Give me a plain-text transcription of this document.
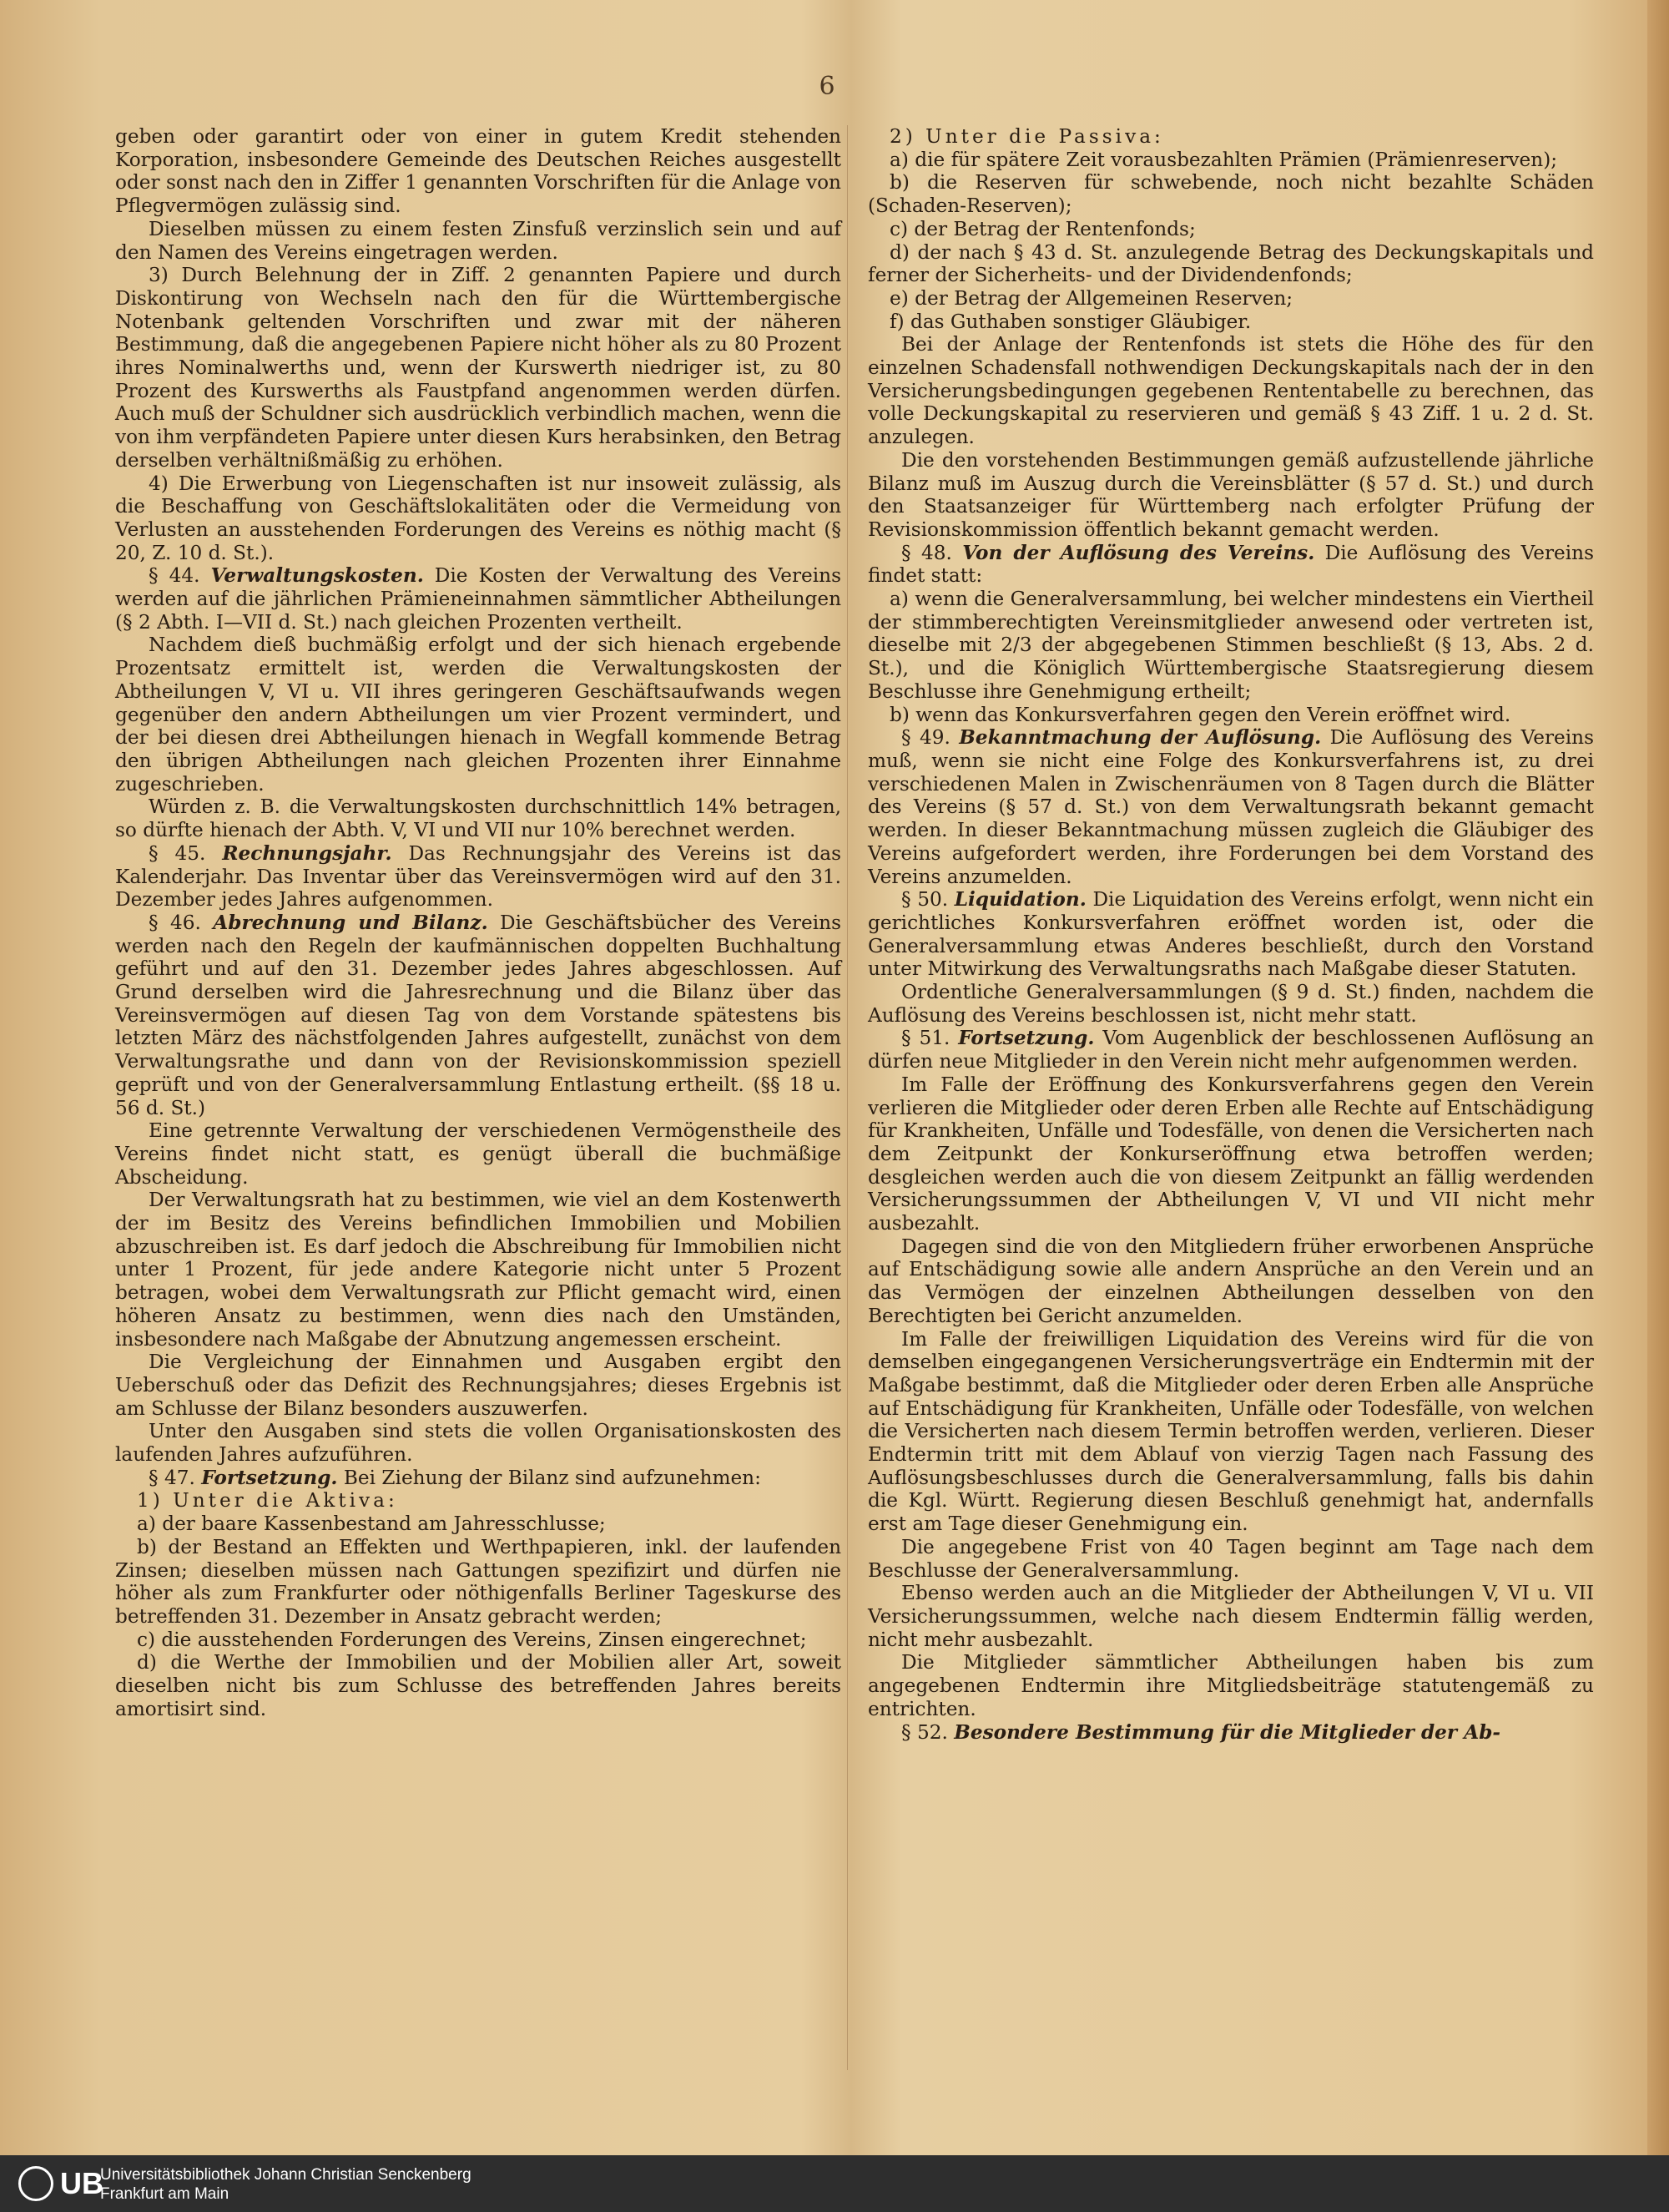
6

geben oder garantirt oder von einer in gutem Kredit stehenden Korporation, insbesondere Gemeinde des Deutschen Reiches ausgestellt oder sonst nach den in Ziffer 1 genannten Vorschriften für die Anlage von Pflegvermögen zulässig sind.

Dieselben müssen zu einem festen Zinsfuß verzinslich sein und auf den Namen des Vereins eingetragen werden.

3) Durch Belehnung der in Ziff. 2 genannten Papiere und durch Diskontirung von Wechseln nach den für die Württembergische Notenbank geltenden Vorschriften und zwar mit der näheren Bestimmung, daß die angegebenen Papiere nicht höher als zu 80 Prozent ihres Nominalwerths und, wenn der Kurswerth niedriger ist, zu 80 Prozent des Kurswerths als Faustpfand angenommen werden dürfen. Auch muß der Schuldner sich ausdrücklich verbindlich machen, wenn die von ihm verpfändeten Papiere unter diesen Kurs herabsinken, den Betrag derselben verhältnißmäßig zu erhöhen.

4) Die Erwerbung von Liegenschaften ist nur insoweit zulässig, als die Beschaffung von Geschäftslokalitäten oder die Vermeidung von Verlusten an ausstehenden Forderungen des Vereins es nöthig macht (§ 20, Z. 10 d. St.).

§ 44. Verwaltungskosten. Die Kosten der Verwaltung des Vereins werden auf die jährlichen Prämieneinnahmen sämmtlicher Abtheilungen (§ 2 Abth. I—VII d. St.) nach gleichen Prozenten vertheilt.

Nachdem dieß buchmäßig erfolgt und der sich hienach ergebende Prozentsatz ermittelt ist, werden die Verwaltungskosten der Abtheilungen V, VI u. VII ihres geringeren Geschäftsaufwands wegen gegenüber den andern Abtheilungen um vier Prozent vermindert, und der bei diesen drei Abtheilungen hienach in Wegfall kommende Betrag den übrigen Abtheilungen nach gleichen Prozenten ihrer Einnahme zugeschrieben.

Würden z. B. die Verwaltungskosten durchschnittlich 14% betragen, so dürfte hienach der Abth. V, VI und VII nur 10% berechnet werden.

§ 45. Rechnungsjahr. Das Rechnungsjahr des Vereins ist das Kalenderjahr. Das Inventar über das Vereinsvermögen wird auf den 31. Dezember jedes Jahres aufgenommen.

§ 46. Abrechnung und Bilanz. Die Geschäftsbücher des Vereins werden nach den Regeln der kaufmännischen doppelten Buchhaltung geführt und auf den 31. Dezember jedes Jahres abgeschlossen. Auf Grund derselben wird die Jahresrechnung und die Bilanz über das Vereinsvermögen auf diesen Tag von dem Vorstande spätestens bis letzten März des nächstfolgenden Jahres aufgestellt, zunächst von dem Verwaltungsrathe und dann von der Revisionskommission speziell geprüft und von der Generalversammlung Entlastung ertheilt. (§§ 18 u. 56 d. St.)

Eine getrennte Verwaltung der verschiedenen Vermögenstheile des Vereins findet nicht statt, es genügt überall die buchmäßige Abscheidung.

Der Verwaltungsrath hat zu bestimmen, wie viel an dem Kostenwerth der im Besitz des Vereins befindlichen Immobilien und Mobilien abzuschreiben ist. Es darf jedoch die Abschreibung für Immobilien nicht unter 1 Prozent, für jede andere Kategorie nicht unter 5 Prozent betragen, wobei dem Verwaltungsrath zur Pflicht gemacht wird, einen höheren Ansatz zu bestimmen, wenn dies nach den Umständen, insbesondere nach Maßgabe der Abnutzung angemessen erscheint.

Die Vergleichung der Einnahmen und Ausgaben ergibt den Ueberschuß oder das Defizit des Rechnungsjahres; dieses Ergebnis ist am Schlusse der Bilanz besonders auszuwerfen.

Unter den Ausgaben sind stets die vollen Organisationskosten des laufenden Jahres aufzuführen.

§ 47. Fortsetzung. Bei Ziehung der Bilanz sind aufzunehmen:

1) Unter die Aktiva:

a) der baare Kassenbestand am Jahresschlusse;

b) der Bestand an Effekten und Werthpapieren, inkl. der laufenden Zinsen; dieselben müssen nach Gattungen spezifizirt und dürfen nie höher als zum Frankfurter oder nöthigenfalls Berliner Tageskurse des betreffenden 31. Dezember in Ansatz gebracht werden;

c) die ausstehenden Forderungen des Vereins, Zinsen eingerechnet;

d) die Werthe der Immobilien und der Mobilien aller Art, soweit dieselben nicht bis zum Schlusse des betreffenden Jahres bereits amortisirt sind.

2) Unter die Passiva:

a) die für spätere Zeit vorausbezahlten Prämien (Prämienreserven);

b) die Reserven für schwebende, noch nicht bezahlte Schäden (Schaden-Reserven);

c) der Betrag der Rentenfonds;

d) der nach § 43 d. St. anzulegende Betrag des Deckungskapitals und ferner der Sicherheits- und der Dividendenfonds;

e) der Betrag der Allgemeinen Reserven;

f) das Guthaben sonstiger Gläubiger.

Bei der Anlage der Rentenfonds ist stets die Höhe des für den einzelnen Schadensfall nothwendigen Deckungskapitals nach der in den Versicherungsbedingungen gegebenen Rententabelle zu berechnen, das volle Deckungskapital zu reservieren und gemäß § 43 Ziff. 1 u. 2 d. St. anzulegen.

Die den vorstehenden Bestimmungen gemäß aufzustellende jährliche Bilanz muß im Auszug durch die Vereinsblätter (§ 57 d. St.) und durch den Staatsanzeiger für Württemberg nach erfolgter Prüfung der Revisionskommission öffentlich bekannt gemacht werden.

§ 48. Von der Auflösung des Vereins. Die Auflösung des Vereins findet statt:

a) wenn die Generalversammlung, bei welcher mindestens ein Viertheil der stimmberechtigten Vereinsmitglieder anwesend oder vertreten ist, dieselbe mit 2/3 der abgegebenen Stimmen beschließt (§ 13, Abs. 2 d. St.), und die Königlich Württembergische Staatsregierung diesem Beschlusse ihre Genehmigung ertheilt;

b) wenn das Konkursverfahren gegen den Verein eröffnet wird.

§ 49. Bekanntmachung der Auflösung. Die Auflösung des Vereins muß, wenn sie nicht eine Folge des Konkursverfahrens ist, zu drei verschiedenen Malen in Zwischenräumen von 8 Tagen durch die Blätter des Vereins (§ 57 d. St.) von dem Verwaltungsrath bekannt gemacht werden. In dieser Bekanntmachung müssen zugleich die Gläubiger des Vereins aufgefordert werden, ihre Forderungen bei dem Vorstand des Vereins anzumelden.

§ 50. Liquidation. Die Liquidation des Vereins erfolgt, wenn nicht ein gerichtliches Konkursverfahren eröffnet worden ist, oder die Generalversammlung etwas Anderes beschließt, durch den Vorstand unter Mitwirkung des Verwaltungsraths nach Maßgabe dieser Statuten.

Ordentliche Generalversammlungen (§ 9 d. St.) finden, nachdem die Auflösung des Vereins beschlossen ist, nicht mehr statt.

§ 51. Fortsetzung. Vom Augenblick der beschlossenen Auflösung an dürfen neue Mitglieder in den Verein nicht mehr aufgenommen werden.

Im Falle der Eröffnung des Konkursverfahrens gegen den Verein verlieren die Mitglieder oder deren Erben alle Rechte auf Entschädigung für Krankheiten, Unfälle und Todesfälle, von denen die Versicherten nach dem Zeitpunkt der Konkurseröffnung etwa betroffen werden; desgleichen werden auch die von diesem Zeitpunkt an fällig werdenden Versicherungssummen der Abtheilungen V, VI und VII nicht mehr ausbezahlt.

Dagegen sind die von den Mitgliedern früher erworbenen Ansprüche auf Entschädigung sowie alle andern Ansprüche an den Verein und an das Vermögen der einzelnen Abtheilungen desselben von den Berechtigten bei Gericht anzumelden.

Im Falle der freiwilligen Liquidation des Vereins wird für die von demselben eingegangenen Versicherungsverträge ein Endtermin mit der Maßgabe bestimmt, daß die Mitglieder oder deren Erben alle Ansprüche auf Entschädigung für Krankheiten, Unfälle oder Todesfälle, von welchen die Versicherten nach diesem Termin betroffen werden, verlieren. Dieser Endtermin tritt mit dem Ablauf von vierzig Tagen nach Fassung des Auflösungsbeschlusses durch die Generalversammlung, falls bis dahin die Kgl. Württ. Regierung diesen Beschluß genehmigt hat, andernfalls erst am Tage dieser Genehmigung ein.

Die angegebene Frist von 40 Tagen beginnt am Tage nach dem Beschlusse der Generalversammlung.

Ebenso werden auch an die Mitglieder der Abtheilungen V, VI u. VII Versicherungssummen, welche nach diesem Endtermin fällig werden, nicht mehr ausbezahlt.

Die Mitglieder sämmtlicher Abtheilungen haben bis zum angegebenen Endtermin ihre Mitgliedsbeiträge statutengemäß zu entrichten.

§ 52. Besondere Bestimmung für die Mitglieder der Ab-

UB
Universitätsbibliothek Johann Christian Senckenberg
Frankfurt am Main
